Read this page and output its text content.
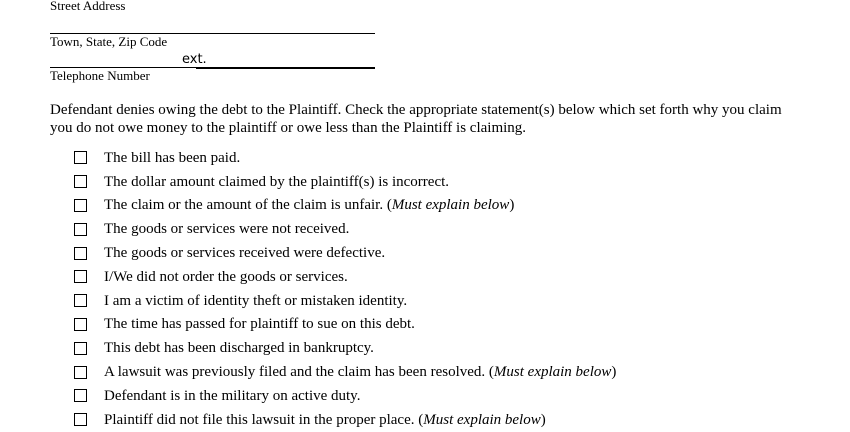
Street Address
Town, State, Zip Code
ext.
Telephone Number

Defendant denies owing the debt to the Plaintiff. Check the appropriate statement(s) below which set forth why you claim

you do not owe money to the plaintiff or owe less than the Plaintiff is claiming.

The bill has been paid.
The dollar amount claimed by the plaintiff(s) is incorrect.
The claim or the amount of the claim is unfair. (Must explain below)
The goods or services were not received.
The goods or services received were defective.
I/We did not order the goods or services.
I am a victim of identity theft or mistaken identity.
The time has passed for plaintiff to sue on this debt.
This debt has been discharged in bankruptcy.
A lawsuit was previously filed and the claim has been resolved. (Must explain below)
Defendant is in the military on active duty.
Plaintiff did not file this lawsuit in the proper place. (Must explain below)
